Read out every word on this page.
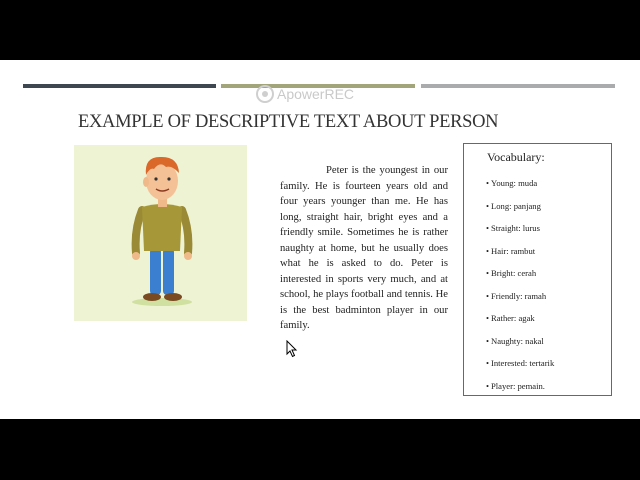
ApowerREC
EXAMPLE OF DESCRIPTIVE TEXT ABOUT PERSON
Peter is the youngest in our family. He is fourteen years old and four years younger than me. He has long, straight hair, bright eyes and a friendly smile. Sometimes he is rather naughty at home, but he usually does what he is asked to do. Peter is interested in sports very much, and at school, he plays football and tennis. He is the best badminton player in our family.
Vocabulary:
• Young: muda
• Long: panjang
• Straight: lurus
• Hair: rambut
• Bright: cerah
• Friendly: ramah
• Rather: agak
• Naughty: nakal
• Interested: tertarik
• Player: pemain.
